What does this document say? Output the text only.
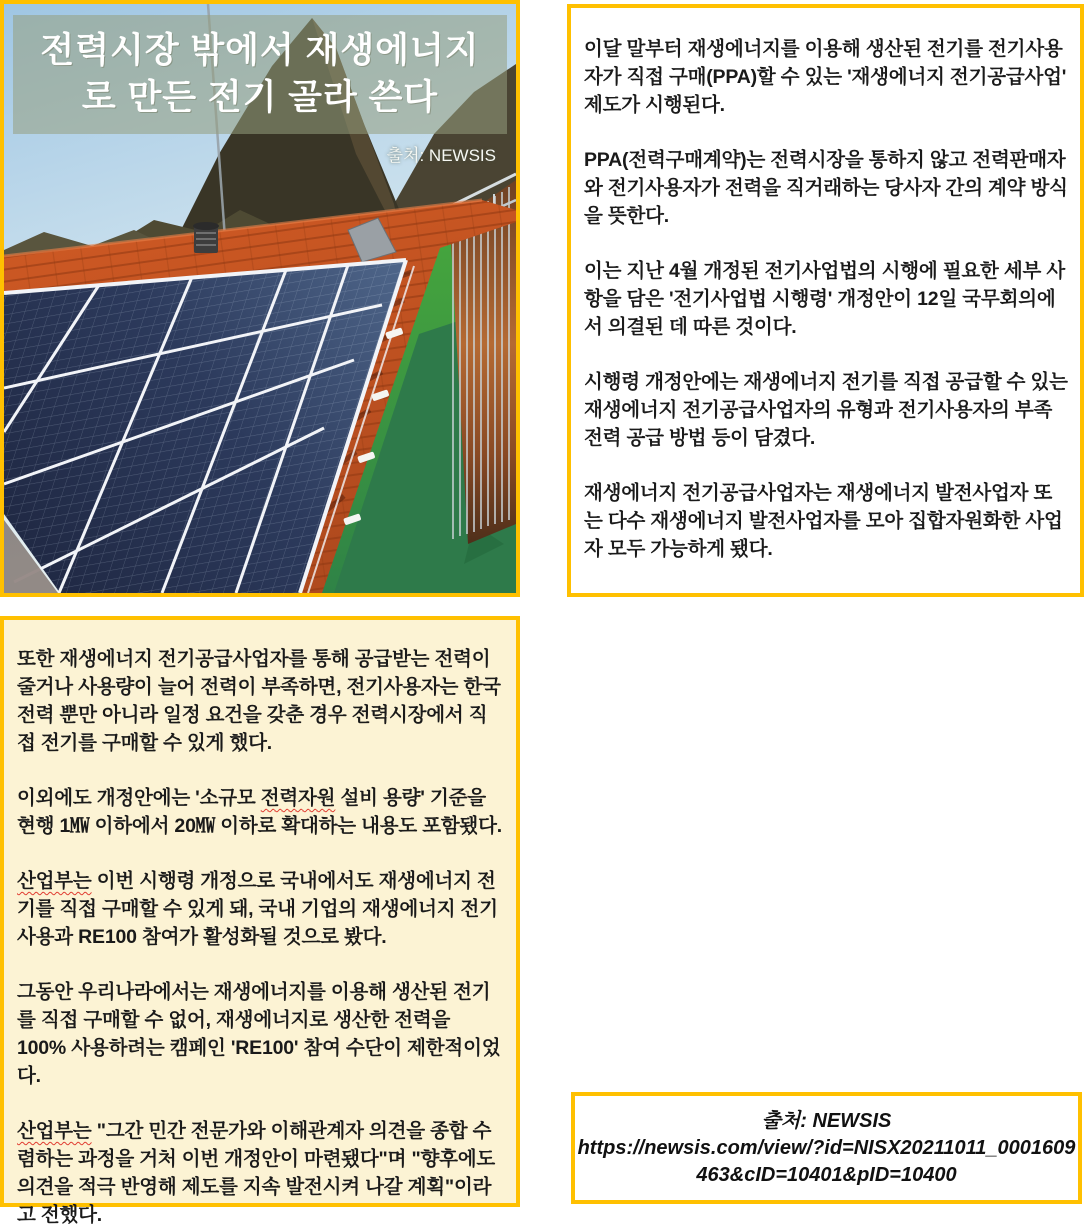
전력시장 밖에서 재생에너지
로 만든 전기 골라 쓴다
출처: NEWSIS

이달 말부터 재생에너지를 이용해 생산된 전기를 전기사용자가 직접 구매(PPA)할 수 있는 '재생에너지 전기공급사업' 제도가 시행된다.

PPA(전력구매계약)는 전력시장을 통하지 않고 전력판매자와 전기사용자가 전력을 직거래하는 당사자 간의 계약 방식을 뜻한다.

이는 지난 4월 개정된 전기사업법의 시행에 필요한 세부 사항을 담은 '전기사업법 시행령' 개정안이 12일 국무회의에서 의결된 데 따른 것이다.

시행령 개정안에는 재생에너지 전기를 직접 공급할 수 있는 재생에너지 전기공급사업자의 유형과 전기사용자의 부족 전력 공급 방법 등이 담겼다.

재생에너지 전기공급사업자는 재생에너지 발전사업자 또는 다수 재생에너지 발전사업자를 모아 집합자원화한 사업자 모두 가능하게 됐다.

또한 재생에너지 전기공급사업자를 통해 공급받는 전력이 줄거나 사용량이 늘어 전력이 부족하면, 전기사용자는 한국전력 뿐만 아니라 일정 요건을 갖춘 경우 전력시장에서 직접 전기를 구매할 수 있게 했다.

이외에도 개정안에는 '소규모 전력자원 설비 용량' 기준을 현행 1㎿ 이하에서 20㎿ 이하로 확대하는 내용도 포함됐다.

산업부는 이번 시행령 개정으로 국내에서도 재생에너지 전기를 직접 구매할 수 있게 돼, 국내 기업의 재생에너지 전기 사용과 RE100 참여가 활성화될 것으로 봤다.

그동안 우리나라에서는 재생에너지를 이용해 생산된 전기를 직접 구매할 수 없어, 재생에너지로 생산한 전력을 100% 사용하려는 캠페인 'RE100' 참여 수단이 제한적이었다.

산업부는 "그간 민간 전문가와 이해관계자 의견을 종합 수렴하는 과정을 거처 이번 개정안이 마련됐다"며 "향후에도 의견을 적극 반영해 제도를 지속 발전시켜 나갈 계획"이라고 전했다.

출처: NEWSIS
https://newsis.com/view/?id=NISX20211011_0001609
463&cID=10401&pID=10400
